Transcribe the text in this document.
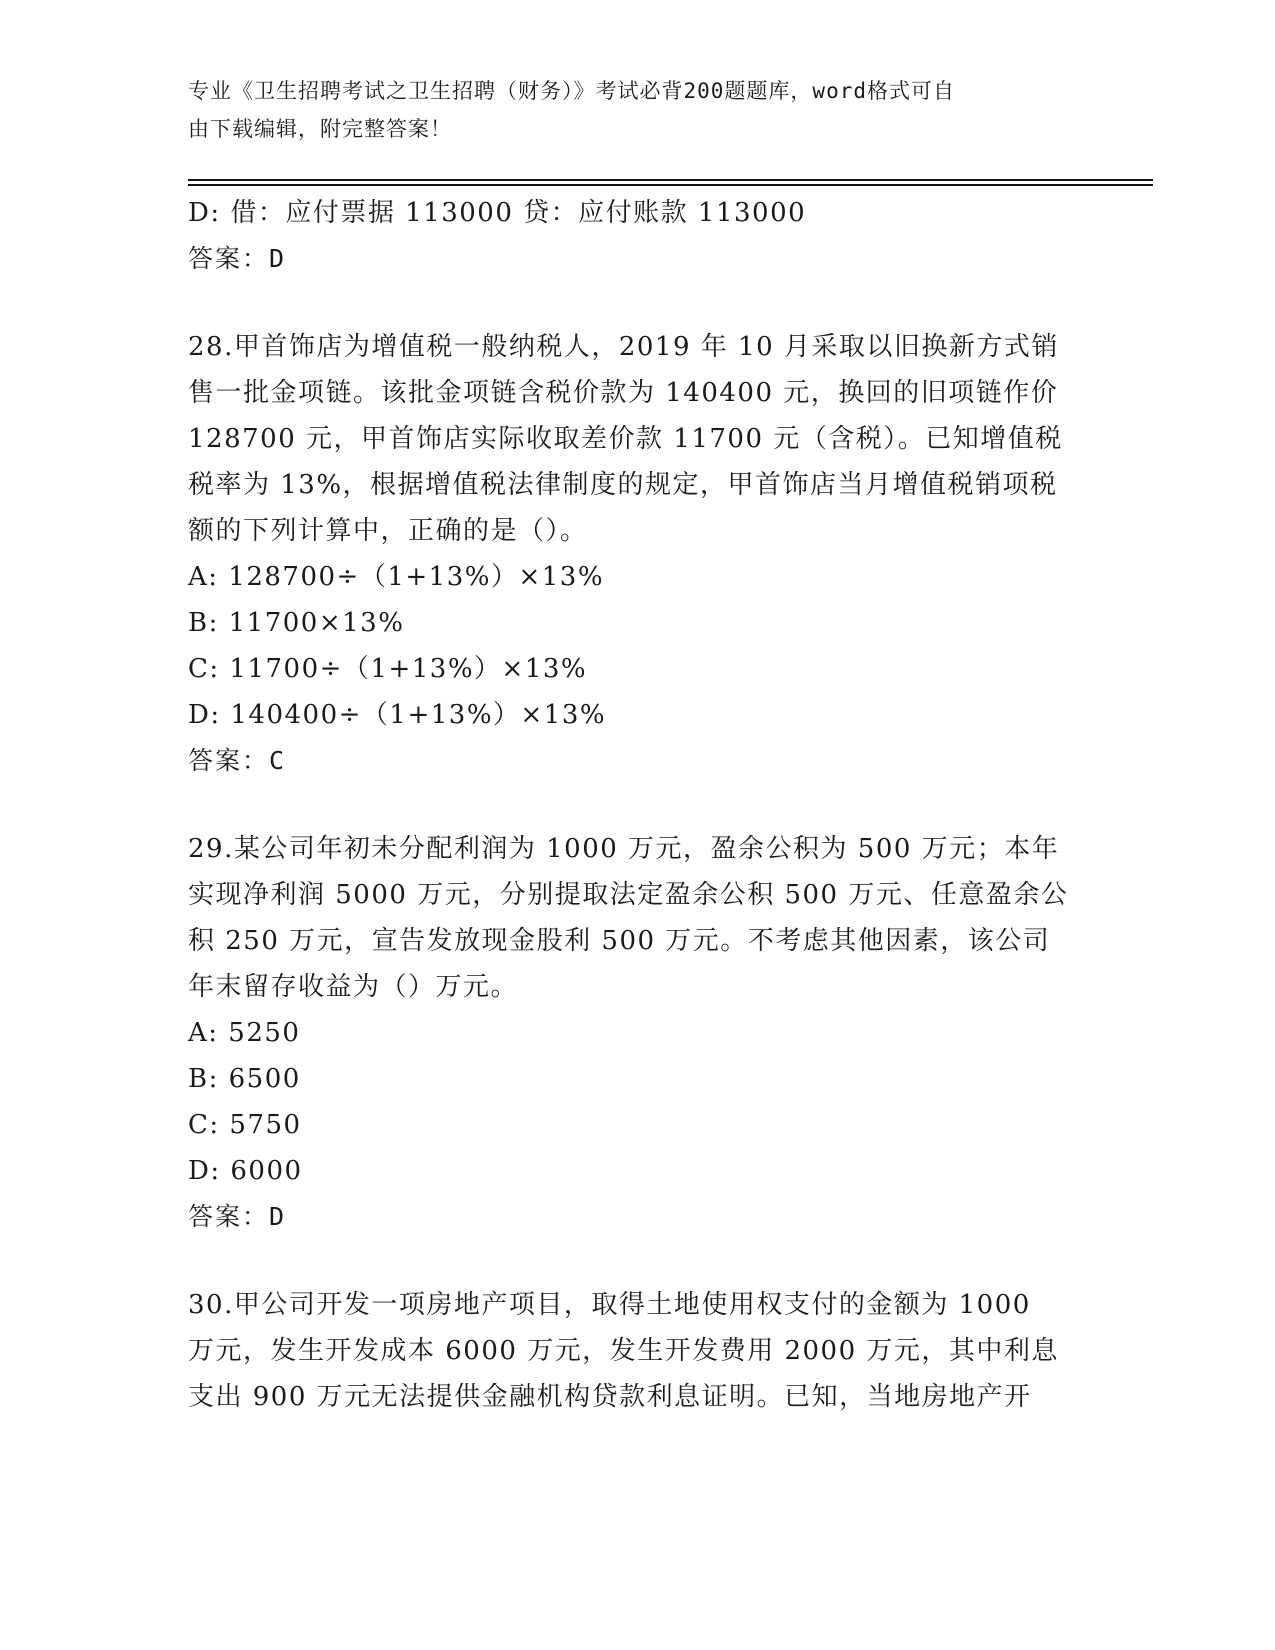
专业《卫生招聘考试之卫生招聘（财务）》考试必背200题题库，word格式可自
由下载编辑，附完整答案！
D: 借：应付票据 113000 贷：应付账款 113000
答案：D
28.甲首饰店为增值税一般纳税人，2019 年 10 月采取以旧换新方式销
售一批金项链。该批金项链含税价款为 140400 元，换回的旧项链作价
128700 元，甲首饰店实际收取差价款 11700 元（含税）。已知增值税
税率为 13%，根据增值税法律制度的规定，甲首饰店当月增值税销项税
额的下列计算中，正确的是（）。
A: 128700÷（1+13%）×13%
B: 11700×13%
C: 11700÷（1+13%）×13%
D: 140400÷（1+13%）×13%
答案：C
29.某公司年初未分配利润为 1000 万元，盈余公积为 500 万元；本年
实现净利润 5000 万元，分别提取法定盈余公积 500 万元、任意盈余公
积 250 万元，宣告发放现金股利 500 万元。不考虑其他因素，该公司
年末留存收益为（）万元。
A: 5250
B: 6500
C: 5750
D: 6000
答案：D
30.甲公司开发一项房地产项目，取得土地使用权支付的金额为 1000
万元，发生开发成本 6000 万元，发生开发费用 2000 万元，其中利息
支出 900 万元无法提供金融机构贷款利息证明。已知，当地房地产开
